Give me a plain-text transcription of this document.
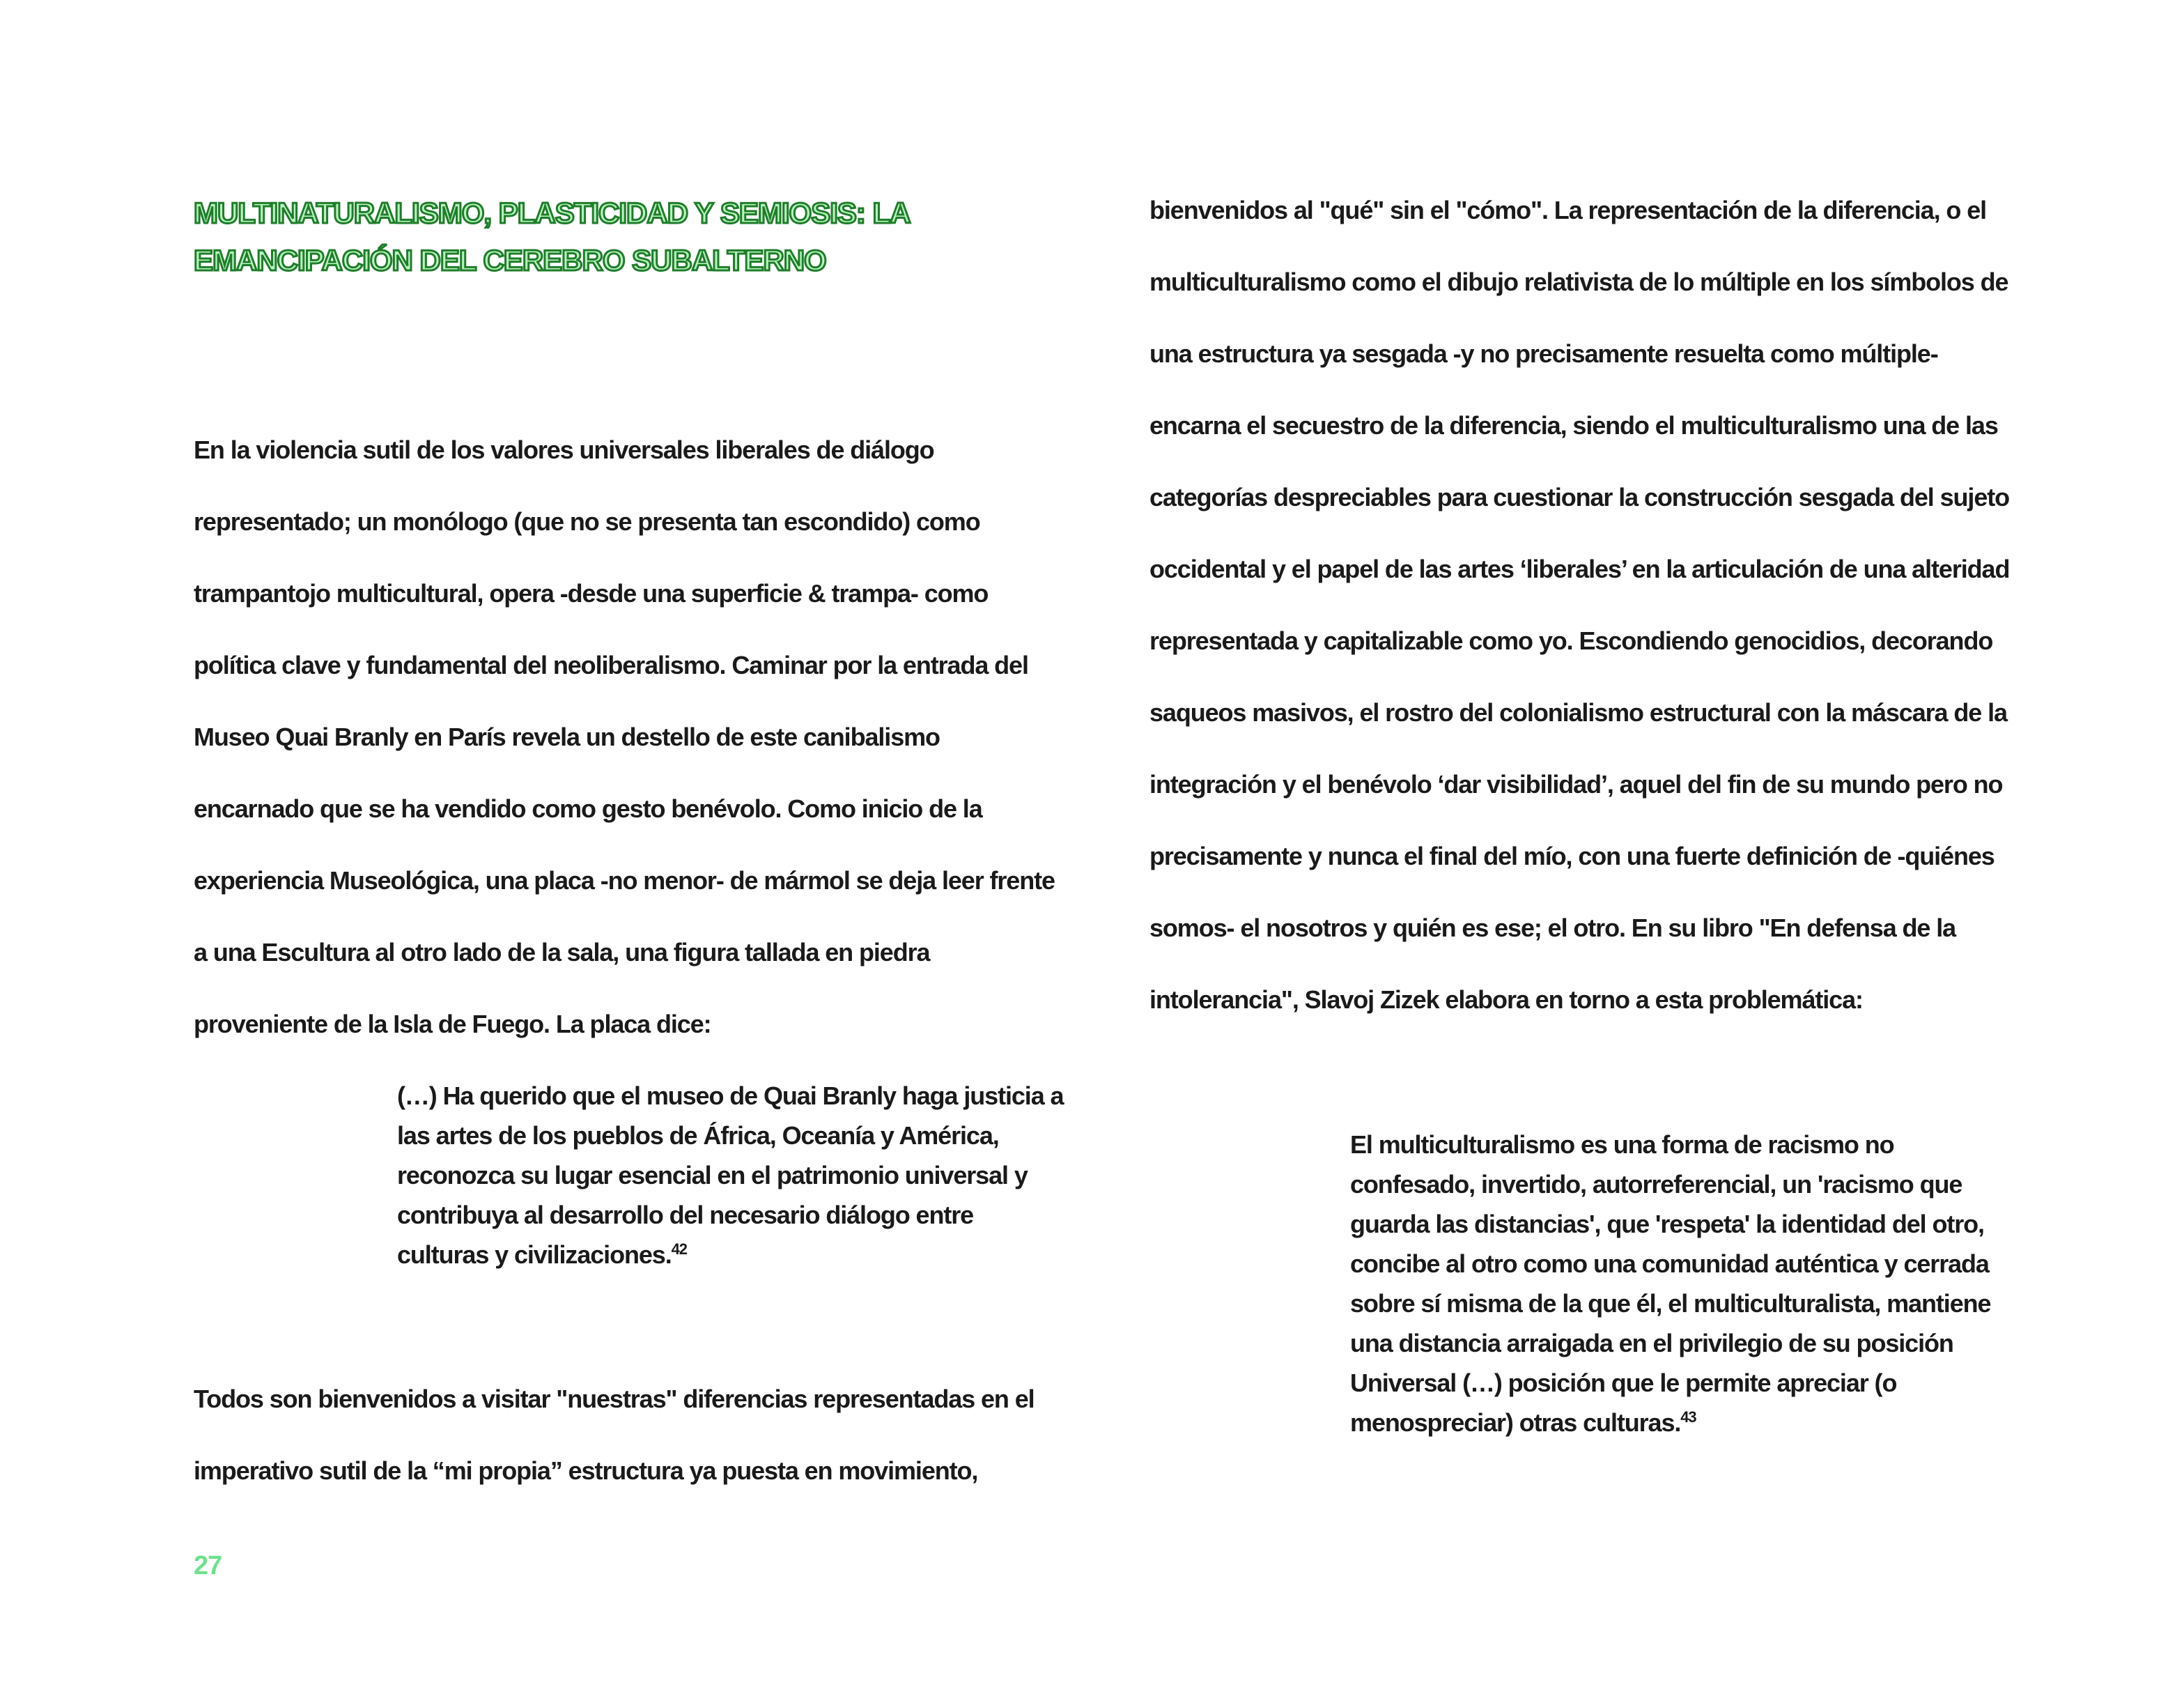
MULTINATURALISMO, PLASTICIDAD Y SEMIOSIS: LA EMANCIPACIÓN DEL CEREBRO SUBALTERNO

En la violencia sutil de los valores universales liberales de diálogo representado; un monólogo (que no se presenta tan escondido) como trampantojo multicultural, opera -desde una superficie & trampa- como política clave y fundamental del neoliberalismo. Caminar por la entrada del Museo Quai Branly en París revela un destello de este canibalismo encarnado que se ha vendido como gesto benévolo. Como inicio de la experiencia Museológica, una placa -no menor- de mármol se deja leer frente a una Escultura al otro lado de la sala, una figura tallada en piedra proveniente de la Isla de Fuego. La placa dice:

(…) Ha querido que el museo de Quai Branly haga justicia a las artes de los pueblos de África, Oceanía y América, reconozca su lugar esencial en el patrimonio universal y contribuya al desarrollo del necesario diálogo entre culturas y civilizaciones.$^{42}$

Todos son bienvenidos a visitar "nuestras" diferencias representadas en el imperativo sutil de la “mi propia” estructura ya puesta en movimiento,

bienvenidos al "qué" sin el "cómo". La representación de la diferencia, o el multiculturalismo como el dibujo relativista de lo múltiple en los símbolos de una estructura ya sesgada -y no precisamente resuelta como múltiple- encarna el secuestro de la diferencia, siendo el multiculturalismo una de las categorías despreciables para cuestionar la construcción sesgada del sujeto occidental y el papel de las artes ‘liberales’ en la articulación de una alteridad representada y capitalizable como yo. Escondiendo genocidios, decorando saqueos masivos, el rostro del colonialismo estructural con la máscara de la integración y el benévolo ‘dar visibilidad’, aquel del fin de su mundo pero no precisamente y nunca el final del mío, con una fuerte definición de -quiénes somos- el nosotros y quién es ese; el otro. En su libro "En defensa de la intolerancia", Slavoj Zizek elabora en torno a esta problemática:

El multiculturalismo es una forma de racismo no confesado, invertido, autorreferencial, un 'racismo que guarda las distancias', que 'respeta' la identidad del otro, concibe al otro como una comunidad auténtica y cerrada sobre sí misma de la que él, el multiculturalista, mantiene una distancia arraigada en el privilegio de su posición Universal (…) posición que le permite apreciar (o menospreciar) otras culturas.$^{43}$

27
